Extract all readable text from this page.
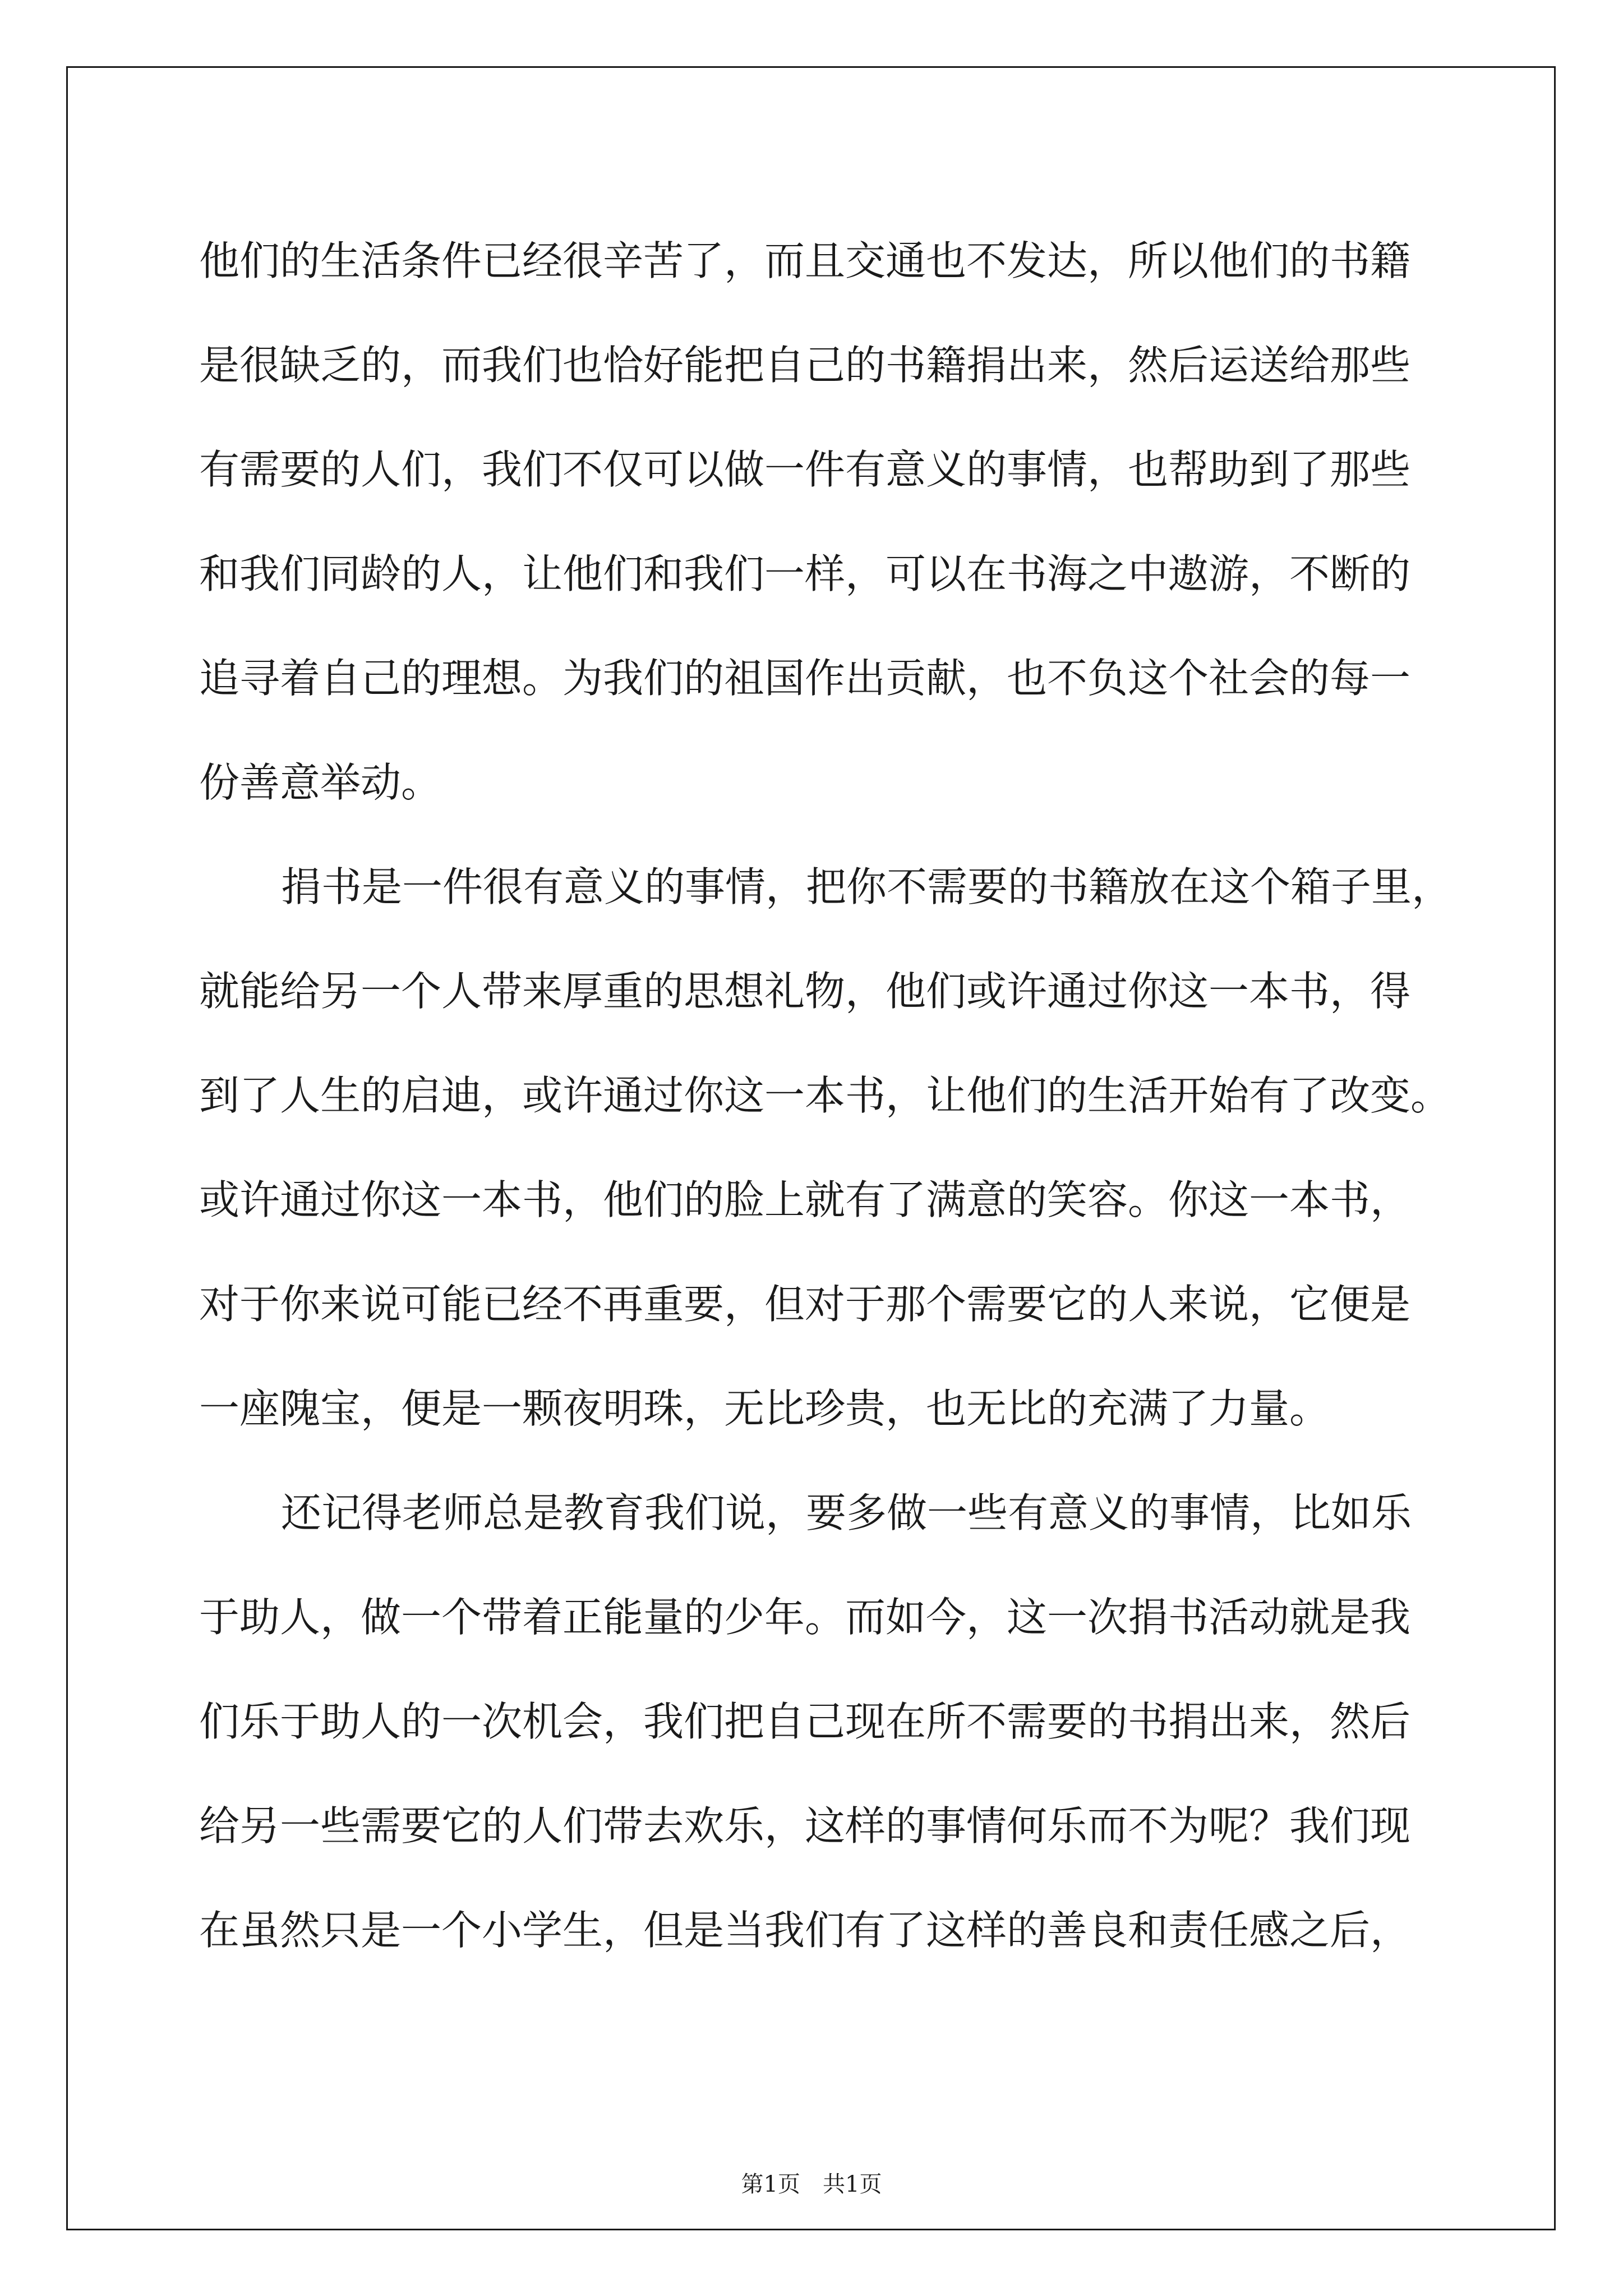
他们的生活条件已经很辛苦了，而且交通也不发达，所以他们的书籍
是很缺乏的，而我们也恰好能把自己的书籍捐出来，然后运送给那些
有需要的人们，我们不仅可以做一件有意义的事情，也帮助到了那些
和我们同龄的人，让他们和我们一样，可以在书海之中遨游，不断的
追寻着自己的理想。为我们的祖国作出贡献，也不负这个社会的每一
份善意举动。
捐书是一件很有意义的事情，把你不需要的书籍放在这个箱子里，
就能给另一个人带来厚重的思想礼物，他们或许通过你这一本书，得
到了人生的启迪，或许通过你这一本书，让他们的生活开始有了改变。
或许通过你这一本书，他们的脸上就有了满意的笑容。你这一本书，
对于你来说可能已经不再重要，但对于那个需要它的人来说，它便是
一座隗宝，便是一颗夜明珠，无比珍贵，也无比的充满了力量。
还记得老师总是教育我们说，要多做一些有意义的事情，比如乐
于助人，做一个带着正能量的少年。而如今，这一次捐书活动就是我
们乐于助人的一次机会，我们把自己现在所不需要的书捐出来，然后
给另一些需要它的人们带去欢乐，这样的事情何乐而不为呢？我们现
在虽然只是一个小学生，但是当我们有了这样的善良和责任感之后，
第1页　共1页
